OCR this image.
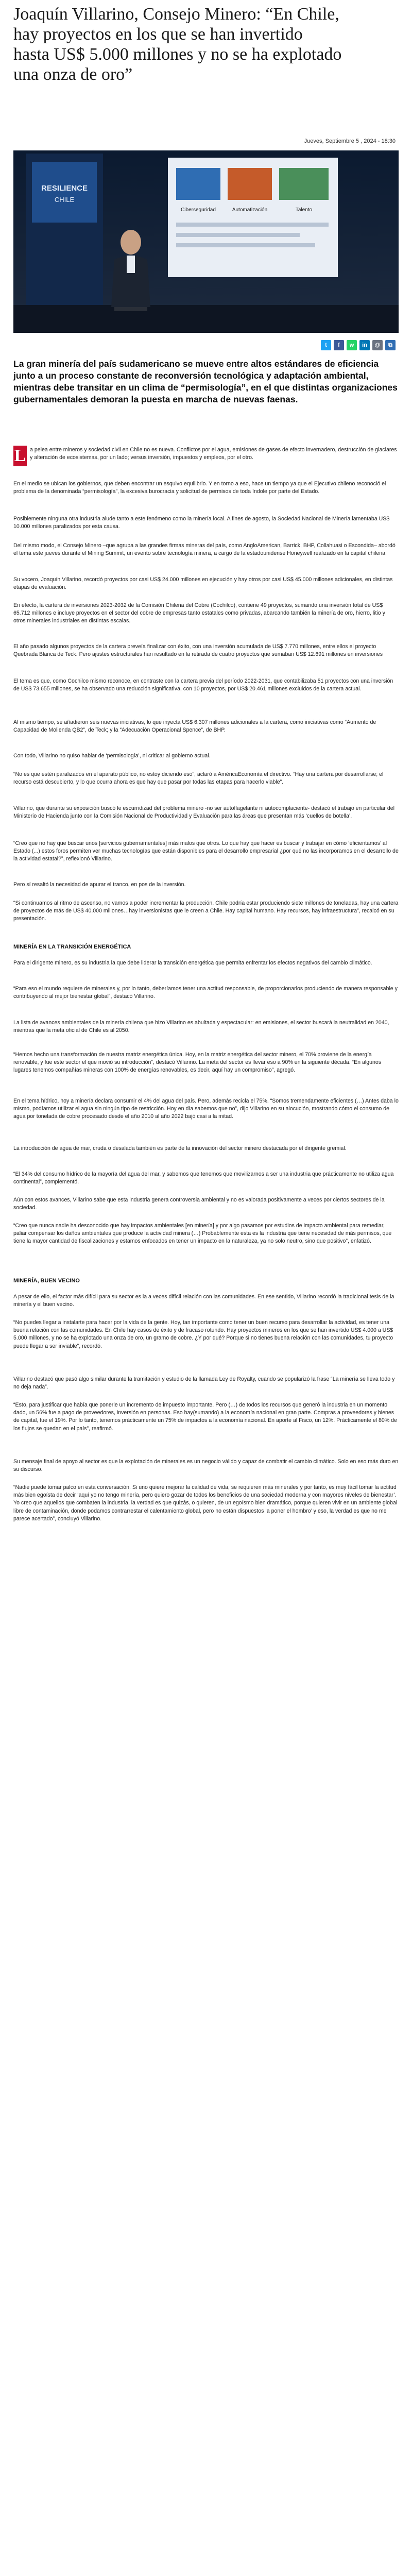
Joaquín Villarino, Consejo Minero: “En Chile, hay proyectos en los que se han invertido hasta US$ 5.000 millones y no se ha explotado una onza de oro”
Jueves, Septiembre 5 , 2024 - 18:30
RESILIENCE
CHILE
Ciberseguridad	Automatización	Talento
t	f	w	in	@	⧉

La gran minería del país sudamericano se mueve entre altos estándares de eficiencia junto a un proceso constante de reconversión tecnológica y adaptación ambiental, mientras debe transitar en un clima de “permisología”, en el que distintas organizaciones gubernamentales demoran la puesta en marcha de nuevas faenas.

L a pelea entre mineros y sociedad civil en Chile no es nueva. Conflictos por el agua, emisiones de gases de efecto invernadero, destrucción de glaciares y alteración de ecosistemas, por un lado; versus inversión, impuestos y empleos, por el otro.

En el medio se ubican los gobiernos, que deben encontrar un esquivo equilibrio. Y en torno a eso, hace un tiempo ya que el Ejecutivo chileno reconoció el problema de la denominada “permisología”, la excesiva burocracia y solicitud de permisos de toda índole por parte del Estado.

Posiblemente ninguna otra industria alude tanto a este fenómeno como la minería local. A fines de agosto, la Sociedad Nacional de Minería lamentaba US$ 10.000 millones paralizados por esta causa.

Del mismo modo, el Consejo Minero –que agrupa a las grandes firmas mineras del país, como AngloAmerican, Barrick, BHP, Collahuasi o Escondida– abordó el tema este jueves durante el Mining Summit, un evento sobre tecnología minera, a cargo de la estadounidense Honeywell realizado en la capital chilena.

Su vocero, Joaquín Villarino, recordó proyectos por casi US$ 24.000 millones en ejecución y hay otros por casi US$ 45.000 millones adicionales, en distintas etapas de evaluación.

En efecto, la cartera de inversiones 2023-2032 de la Comisión Chilena del Cobre (Cochilco), contiene 49 proyectos, sumando una inversión total de US$ 65.712 millones e incluye proyectos en el sector del cobre de empresas tanto estatales como privadas, abarcando también la minería de oro, hierro, litio y otros minerales industriales en distintas escalas.

El año pasado algunos proyectos de la cartera preveía finalizar con éxito, con una inversión acumulada de US$ 7.770 millones, entre ellos el proyecto Quebrada Blanca de Teck. Pero ajustes estructurales han resultado en la retirada de cuatro proyectos que sumaban US$ 12.691 millones en inversiones

El tema es que, como Cochilco mismo reconoce, en contraste con la cartera previa del período 2022-2031, que contabilizaba 51 proyectos con una inversión de US$ 73.655 millones, se ha observado una reducción significativa, con 10 proyectos, por US$ 20.461 millones excluidos de la cartera actual.

Al mismo tiempo, se añadieron seis nuevas iniciativas, lo que inyecta US$ 6.307 millones adicionales a la cartera, como iniciativas como “Aumento de Capacidad de Molienda QB2”, de Teck; y la “Adecuación Operacional Spence”, de BHP.

Con todo, Villarino no quiso hablar de ‘permisología’, ni criticar al gobierno actual.

“No es que estén paralizados en el aparato público, no estoy diciendo eso”, aclaró a AméricaEconomía el directivo. “Hay una cartera por desarrollarse; el recurso está descubierto, y lo que ocurra ahora es que hay que pasar por todas las etapas para hacerlo viable”.

Villarino, que durante su exposición buscó le escurridizad del problema minero -no ser autoflagelante ni autocomplaciente- destacó el trabajo en particular del Ministerio de Hacienda junto con la Comisión Nacional de Productividad y Evaluación para las áreas que presentan más ‘cuellos de botella’.

“Creo que no hay que buscar unos [servicios gubernamentales] más malos que otros. Lo que hay que hacer es buscar y trabajar en cómo ‘eficientamos’ al Estado (...) estos foros permiten ver muchas tecnologías que están disponibles para el desarrollo empresarial ¿por qué no las incorporamos en el desarrollo de la actividad estatal?”, reflexionó Villarino.

Pero sí resaltó la necesidad de apurar el tranco, en pos de la inversión.

“Si continuamos al ritmo de ascenso, no vamos a poder incrementar la producción. Chile podría estar produciendo siete millones de toneladas, hay una cartera de proyectos de más de US$ 40.000 millones…hay inversionistas que le creen a Chile. Hay capital humano. Hay recursos, hay infraestructura”, recalcó en su presentación.

MINERÍA EN LA TRANSICIÓN ENERGÉTICA

Para el dirigente minero, es su industria la que debe liderar la transición energética que permita enfrentar los efectos negativos del cambio climático.

“Para eso el mundo requiere de minerales y, por lo tanto, deberíamos tener una actitud responsable, de proporcionarlos produciendo de manera responsable y contribuyendo al mejor bienestar global”, destacó Villarino.

La lista de avances ambientales de la minería chilena que hizo Villarino es abultada y espectacular: en emisiones, el sector buscará la neutralidad en 2040, mientras que la meta oficial de Chile es al 2050.

“Hemos hecho una transformación de nuestra matriz energética única. Hoy, en la matriz energética del sector minero, el 70% proviene de la energía renovable, y fue este sector el que movió su introducción”, destacó Villarino. La meta del sector es llevar eso a 90% en la siguiente década. “En algunos lugares tenemos compañías mineras con 100% de energías renovables, es decir, aquí hay un compromiso”, agregó.

En el tema hídrico, hoy a minería declara consumir el 4% del agua del país. Pero, además recicla el 75%. “Somos tremendamente eficientes (…) Antes daba lo mismo, podíamos utilizar el agua sin ningún tipo de restricción. Hoy en día sabemos que no”, dijo Villarino en su alocución, mostrando cómo el consumo de agua por tonelada de cobre procesado desde el año 2010 al año 2022 bajó casi a la mitad.

La introducción de agua de mar, cruda o desalada también es parte de la innovación del sector minero destacada por el dirigente gremial.

“El 34% del consumo hídrico de la mayoría del agua del mar, y sabemos que tenemos que movilizarnos a ser una industria que prácticamente no utiliza agua continental”, complementó.

Aún con estos avances, Villarino sabe que esta industria genera controversia ambiental y no es valorada positivamente a veces por ciertos sectores de la sociedad.

“Creo que nunca nadie ha desconocido que hay impactos ambientales [en minería] y por algo pasamos por estudios de impacto ambiental para remediar, paliar compensar los daños ambientales que produce la actividad minera (…) Probablemente esta es la industria que tiene necesidad de más permisos, que tiene la mayor cantidad de fiscalizaciones y estamos enfocados en tener un impacto en la naturaleza, ya no solo neutro, sino que positivo”, enfatizó.

MINERÍA, BUEN VECINO

A pesar de ello, el factor más difícil para su sector es la a veces difícil relación con las comunidades. En ese sentido, Villarino recordó la tradicional tesis de la minería y el buen vecino.

“No puedes llegar a instalarte para hacer por la vida de la gente. Hoy, tan importante como tener un buen recurso para desarrollar la actividad, es tener una buena relación con las comunidades. En Chile hay casos de éxito y de fracaso rotundo. Hay proyectos mineros en los que se han invertido US$ 4.000 a US$ 5.000 millones, y no se ha explotado una onza de oro, un gramo de cobre. ¿Y por qué? Porque si no tienes buena relación con las comunidades, tu proyecto puede llegar a ser inviable”, recordó.

Villarino destacó que pasó algo similar durante la tramitación y estudio de la llamada Ley de Royalty, cuando se popularizó la frase “La minería se lleva todo y no deja nada”.

“Esto, para justificar que había que ponerle un incremento de impuesto importante. Pero (…) de todos los recursos que generó la industria en un momento dado, un 56% fue a pago de proveedores, inversión en personas. Eso hay(sumando) a la economía nacional en gran parte. Compras a proveedores y bienes de capital, fue el 19%. Por lo tanto, tenemos prácticamente un 75% de impactos a la economía nacional. En aporte al Fisco, un 12%. Prácticamente el 80% de los flujos se quedan en el país”, reafirmó.

Su mensaje final de apoyo al sector es que la explotación de minerales es un negocio válido y capaz de combatir el cambio climático. Solo en eso más duro en su discurso.

“Nadie puede tomar palco en esta conversación. Si uno quiere mejorar la calidad de vida, se requieren más minerales y por tanto, es muy fácil tomar la actitud más bien egoísta de decir ‘aquí yo no tengo minería, pero quiero gozar de todos los beneficios de una sociedad moderna y con mayores niveles de bienestar’. Yo creo que aquellos que combaten la industria, la verdad es que quizás, o quieren, de un egoísmo bien dramático, porque quieren vivir en un ambiente global libre de contaminación, donde podamos contrarrestar el calentamiento global, pero no están dispuestos ‘a poner el hombro’ y eso, la verdad es que no me parece acertado”, concluyó Villarino.
